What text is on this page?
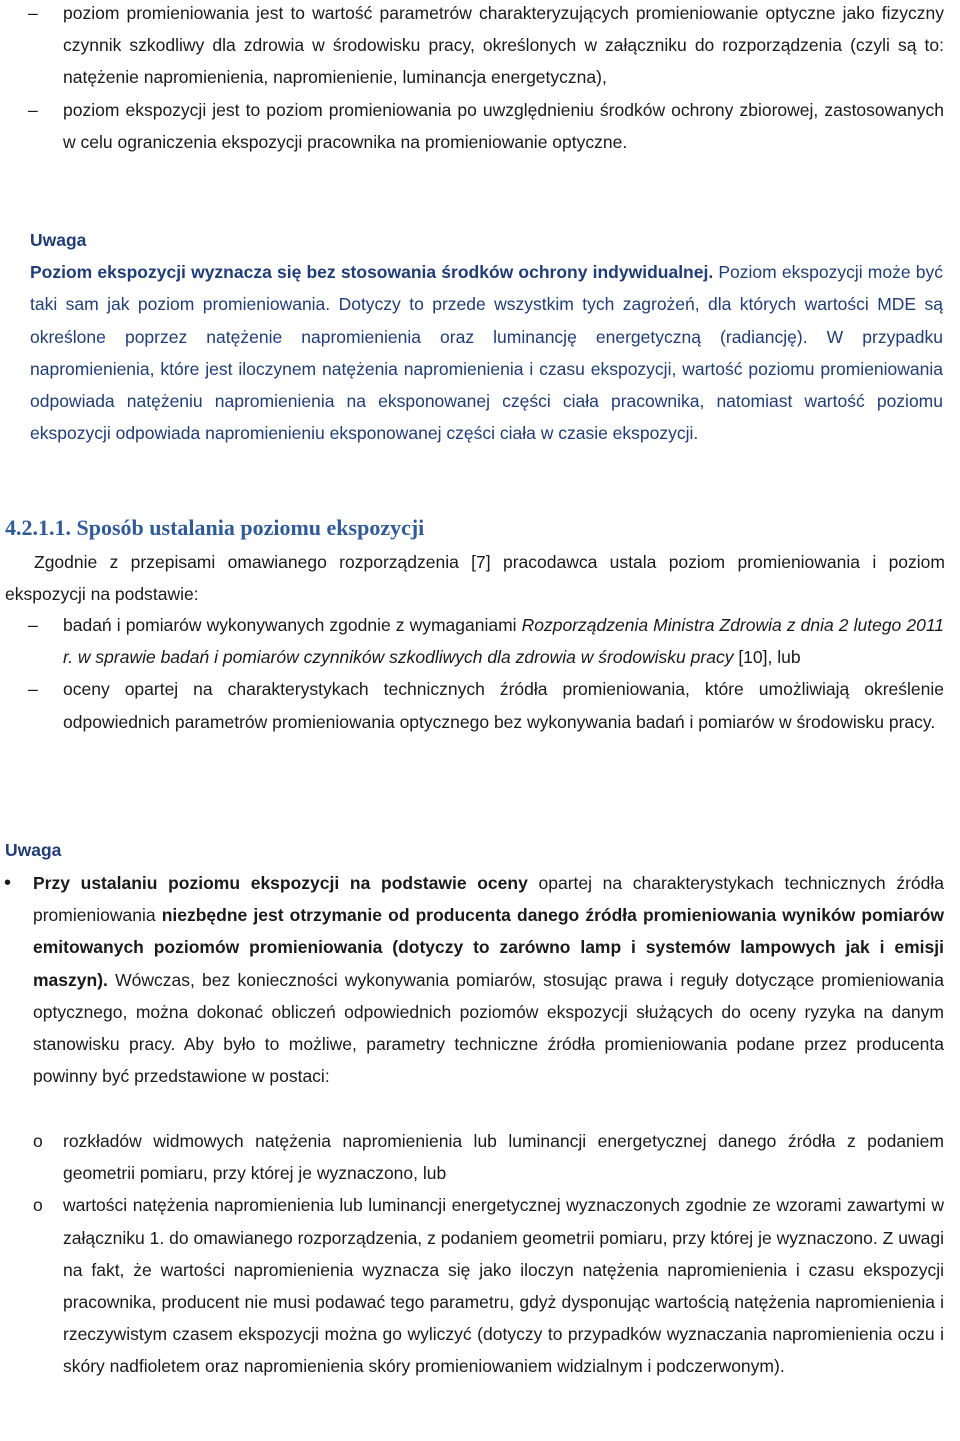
–	poziom promieniowania jest to wartość parametrów charakteryzujących promieniowanie optyczne jako fizyczny czynnik szkodliwy dla zdrowia w środowisku pracy, określonych w załączniku do rozporządzenia (czyli są to: natężenie napromienienia, napromienienie, luminancja energetyczna),

–	poziom ekspozycji jest to poziom promieniowania po uwzględnieniu środków ochrony zbiorowej, zastosowanych w celu ograniczenia ekspozycji pracownika na promieniowanie optyczne.

Uwaga

Poziom ekspozycji wyznacza się bez stosowania środków ochrony indywidualnej. Poziom ekspozycji może być taki sam jak poziom promieniowania. Dotyczy to przede wszystkim tych zagrożeń, dla których wartości MDE są określone poprzez natężenie napromienienia oraz luminancję energetyczną (radiancję). W przypadku napromienienia, które jest iloczynem natężenia napromienienia i czasu ekspozycji, wartość poziomu promieniowania odpowiada natężeniu napromienienia na eksponowanej części ciała pracownika, natomiast wartość poziomu ekspozycji odpowiada napromienieniu eksponowanej części ciała w czasie ekspozycji.

4.2.1.1. Sposób ustalania poziomu ekspozycji

Zgodnie z przepisami omawianego rozporządzenia [7] pracodawca ustala poziom promieniowania i poziom ekspozycji na podstawie:

–	badań i pomiarów wykonywanych zgodnie z wymaganiami Rozporządzenia Ministra Zdrowia z dnia 2 lutego 2011 r. w sprawie badań i pomiarów czynników szkodliwych dla zdrowia w środowisku pracy [10], lub

–	oceny opartej na charakterystykach technicznych źródła promieniowania, które umożliwiają określenie odpowiednich parametrów promieniowania optycznego bez wykonywania badań i pomiarów w środowisku pracy.

Uwaga

• Przy ustalaniu poziomu ekspozycji na podstawie oceny opartej na charakterystykach technicznych źródła promieniowania niezbędne jest otrzymanie od producenta danego źródła promieniowania wyników pomiarów emitowanych poziomów promieniowania (dotyczy to zarówno lamp i systemów lampowych jak i emisji maszyn). Wówczas, bez konieczności wykonywania pomiarów, stosując prawa i reguły dotyczące promieniowania optycznego, można dokonać obliczeń odpowiednich poziomów ekspozycji służących do oceny ryzyka na danym stanowisku pracy. Aby było to możliwe, parametry techniczne źródła promieniowania podane przez producenta powinny być przedstawione w postaci:

o rozkładów widmowych natężenia napromienienia lub luminancji energetycznej danego źródła z podaniem geometrii pomiaru, przy której je wyznaczono, lub

o wartości natężenia napromienienia lub luminancji energetycznej wyznaczonych zgodnie ze wzorami zawartymi w załączniku 1. do omawianego rozporządzenia, z podaniem geometrii pomiaru, przy której je wyznaczono. Z uwagi na fakt, że wartości napromienienia wyznacza się jako iloczyn natężenia napromienienia i czasu ekspozycji pracownika, producent nie musi podawać tego parametru, gdyż dysponując wartością natężenia napromienienia i rzeczywistym czasem ekspozycji można go wyliczyć (dotyczy to przypadków wyznaczania napromienienia oczu i skóry nadfioletem oraz napromienienia skóry promieniowaniem widzialnym i podczerwonym).
